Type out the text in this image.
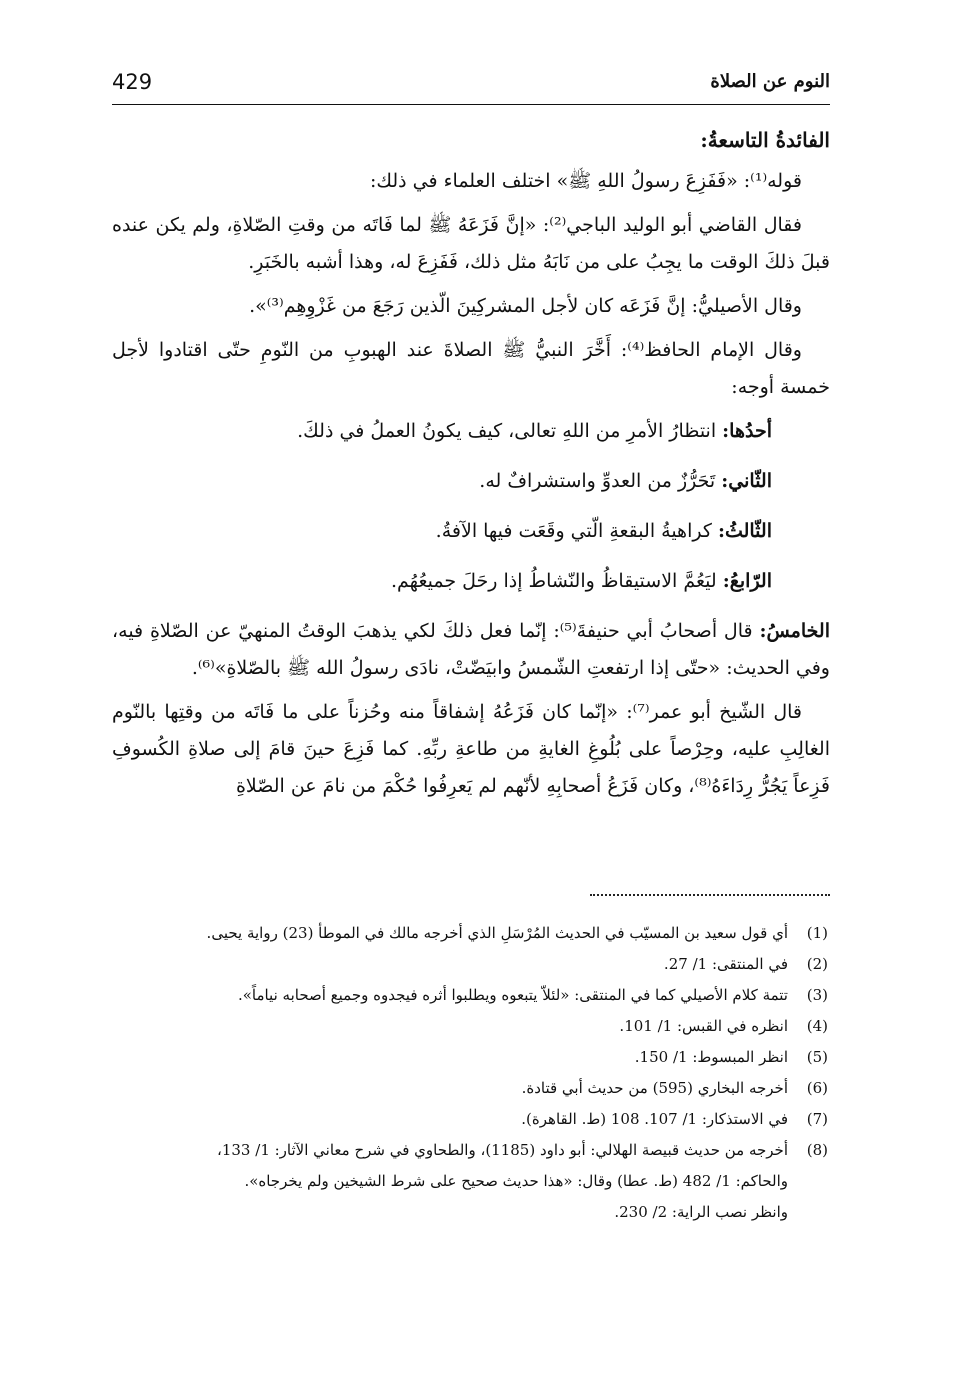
429	النوم عن الصلاة

الفائدةُ التاسعةُ:

قوله⁽¹⁾: «فَفَزِعَ رسولُ اللهِ ﷺ» اختلف العلماء في ذلك:

فقال القاضي أبو الوليد الباجي⁽²⁾: «إنَّ فَزَعَهُ ﷺ لما فَاتَه من وقتِ الصّلاةِ، ولم يكن عنده قبلَ ذلكَ الوقت ما يجِبُ على من نَابَهُ مثل ذلك، فَفَزِعَ له، وهذا أشبه بالخَبَرِ.

وقال الأصيليُّ: إنَّ فَزَعَه كان لأجل المشركِينَ الّذين رَجَعَ من غَزْوِهِم⁽³⁾».

وقال الإمام الحافظ⁽⁴⁾: أَخَّرَ النبيُّ ﷺ الصلاةَ عند الهبوبِ من النّومِ حتّى اقتادوا لأجل خمسة أوجه:

أحدُها: انتظارُ الأمرِ من اللهِ تعالى، كيف يكونُ العملُ في ذلكَ.

الثّاني: تَحَرُّزٌ من العدوِّ واستشرافٌ له.

الثّالثُ: كراهيةُ البقعةِ الّتي وقَعَت فيها الآفةُ.

الرّابعُ: ليَعُمَّ الاستيقاظُ والنّشاطُ إذا رحَلَ جميعُهُم.

الخامسُ: قال أصحابُ أبي حنيفةَ⁽⁵⁾: إنّما فعل ذلكَ لكي يذهبَ الوقتُ المنهيّ عن الصّلاةِ فيه، وفي الحديث: «حتّى إذا ارتفعتِ الشّمسُ وابيَضّتْ، نادَى رسولُ الله ﷺ بالصّلاةِ»⁽⁶⁾.

قال الشّيخ أبو عمر⁽⁷⁾: «إنّما كان فَزَعُهُ إشفاقاً منه وحُزناً على ما فَاتَه من وقتِها بالنّوم الغالِبِ عليه، وحِرْصاً على بُلُوغِ الغايةِ من طاعةِ ربِّهِ. كما فَزِعَ حينَ قامَ إلى صلاةِ الكُسوفِ فَزِعاً يَجُرُّ رِدَاءَهُ⁽⁸⁾، وكان فَزَعُ أصحابِهِ لأنّهم لم يَعرِفُوا حُكْمَ من نامَ عن الصّلاةِ

(1)
أي قول سعيد بن المسيّب في الحديث المُرْسَلِ الذي أخرجه مالك في الموطأ (23) رواية يحيى.
(2)
في المنتقى: 1/ 27.
(3)
تتمة كلام الأصيلي كما في المنتقى: «لئلاّ يتبعوه ويطلبوا أثره فيجدوه وجميع أصحابه نياماً».
(4)
انظره في القبس: 1/ 101.
(5)
انظر المبسوط: 1/ 150.
(6)
أخرجه البخاري (595) من حديث أبي قتادة.
(7)
في الاستذكار: 1/ 107. 108 (ط. القاهرة).
(8)
أخرجه من حديث قبيصة الهلالي: أبو داود (1185)، والطحاوي في شرح معاني الآثار: 1/ 133،
والحاكم: 1/ 482 (ط. عطا) وقال: «هذا حديث صحيح على شرط الشيخين ولم يخرجاه».
وانظر نصب الراية: 2/ 230.
